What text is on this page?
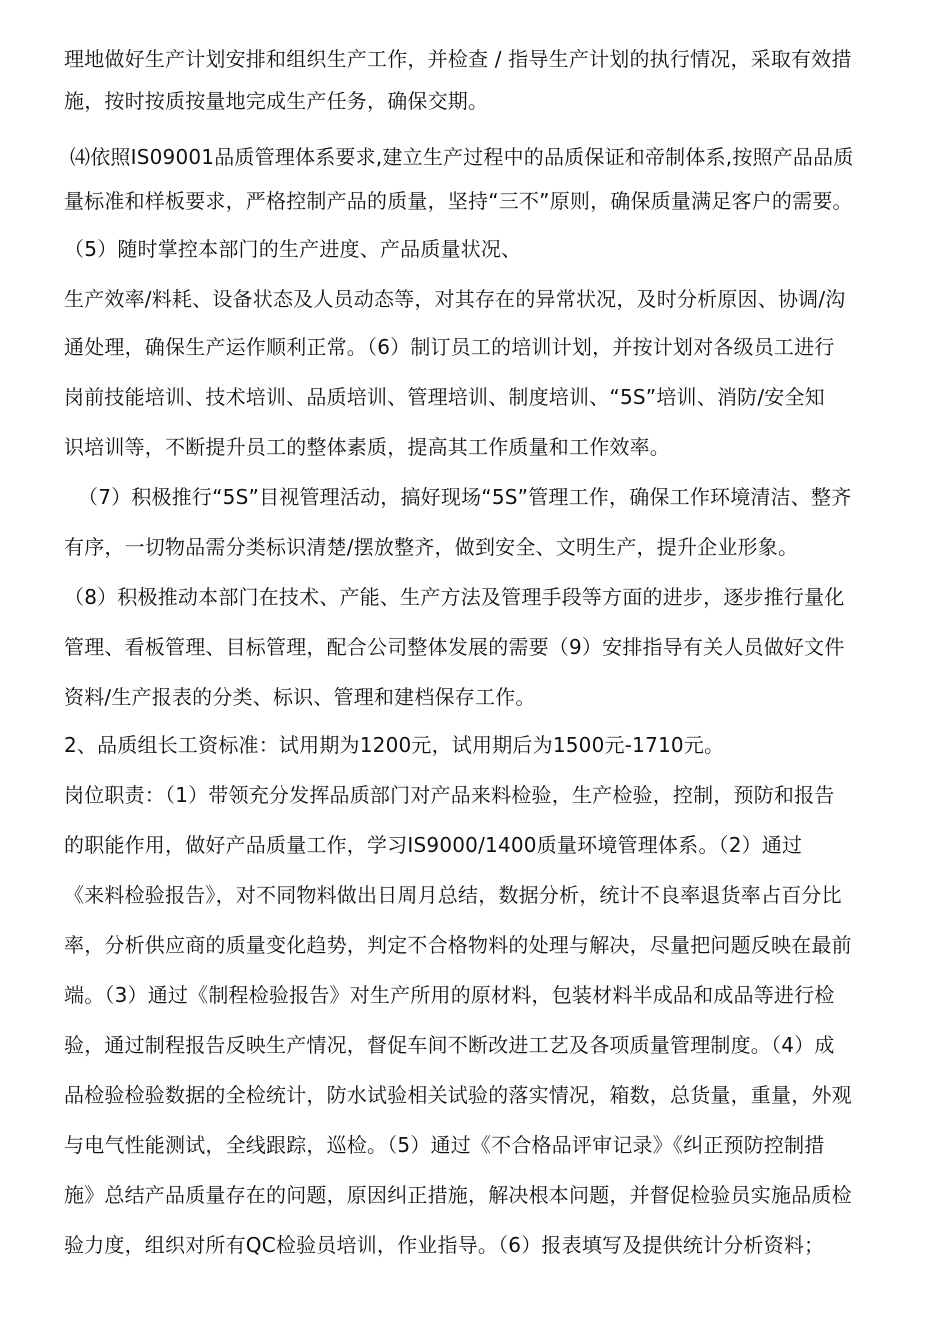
理地做好生产计划安排和组织生产工作，并检查 / 指导生产计划的执行情况，采取有效措
施，按时按质按量地完成生产任务，确保交期。
⑷依照IS09001品质管理体系要求,建立生产过程中的品质保证和帝制体系,按照产品品质
量标准和样板要求，严格控制产品的质量，坚持“三不”原则，确保质量满足客户的需要。
（5）随时掌控本部门的生产进度、产品质量状况、
生产效率/料耗、设备状态及人员动态等，对其存在的异常状况，及时分析原因、协调/沟
通处理，确保生产运作顺利正常。（6）制订员工的培训计划，并按计划对各级员工进行
岗前技能培训、技术培训、品质培训、管理培训、制度培训、“5S”培训、消防/安全知
识培训等，不断提升员工的整体素质，提高其工作质量和工作效率。
（7）积极推行“5S”目视管理活动，搞好现场“5S”管理工作，确保工作环境清洁、整齐
有序，一切物品需分类标识清楚/摆放整齐，做到安全、文明生产，提升企业形象。
（8）积极推动本部门在技术、产能、生产方法及管理手段等方面的进步，逐步推行量化
管理、看板管理、目标管理，配合公司整体发展的需要（9）安排指导有关人员做好文件
资料/生产报表的分类、标识、管理和建档保存工作。
2、品质组长工资标准：试用期为1200元，试用期后为1500元-1710元。
岗位职责：（1）带领充分发挥品质部门对产品来料检验，生产检验，控制，预防和报告
的职能作用，做好产品质量工作，学习IS9000/1400质量环境管理体系。（2）通过
《来料检验报告》，对不同物料做出日周月总结，数据分析，统计不良率退货率占百分比
率，分析供应商的质量变化趋势，判定不合格物料的处理与解决，尽量把问题反映在最前
端。（3）通过《制程检验报告》对生产所用的原材料，包装材料半成品和成品等进行检
验，通过制程报告反映生产情况，督促车间不断改进工艺及各项质量管理制度。（4）成
品检验检验数据的全检统计，防水试验相关试验的落实情况，箱数，总货量，重量，外观
与电气性能测试，全线跟踪，巡检。（5）通过《不合格品评审记录》《纠正预防控制措
施》总结产品质量存在的问题，原因纠正措施，解决根本问题，并督促检验员实施品质检
验力度，组织对所有QC检验员培训，作业指导。（6）报表填写及提供统计分析资料；
